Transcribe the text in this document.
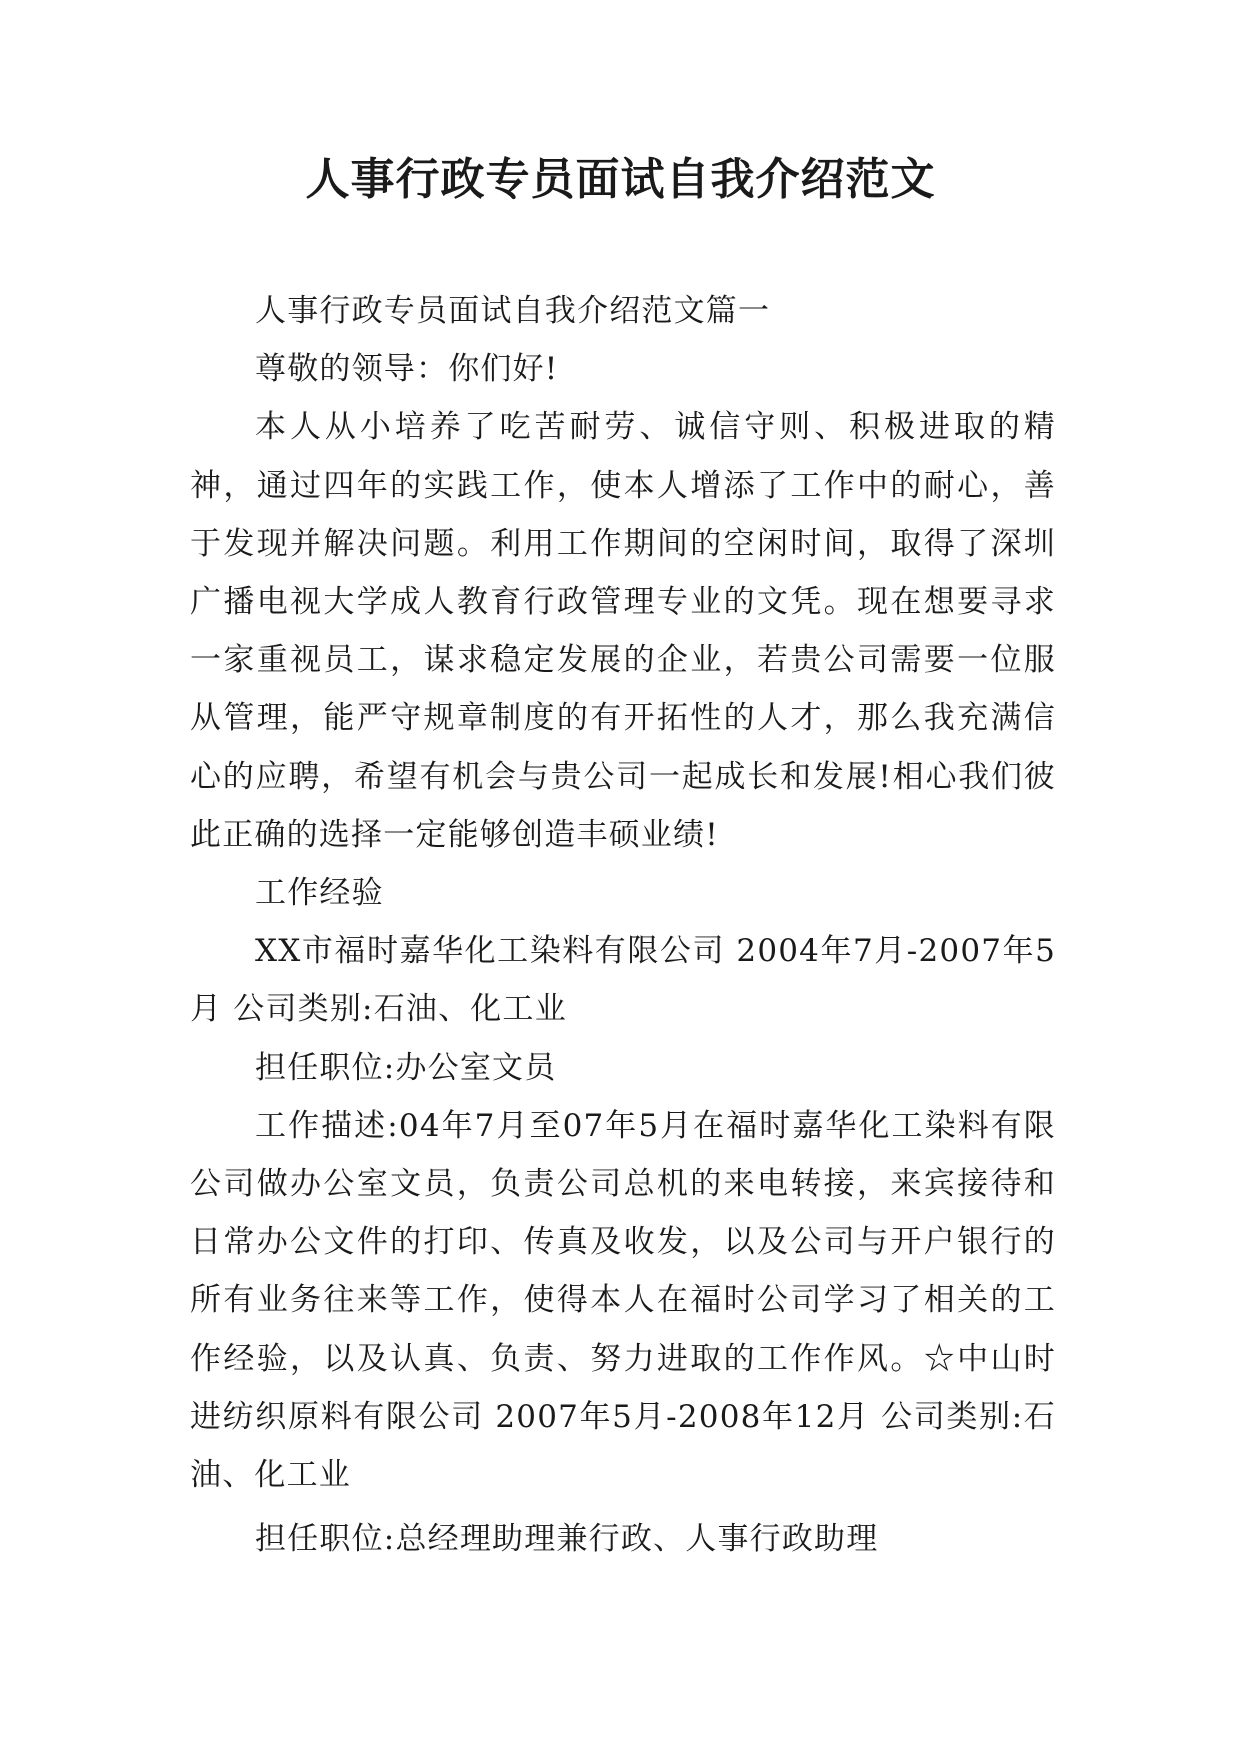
人事行政专员面试自我介绍范文

人事行政专员面试自我介绍范文篇一

尊敬的领导：你们好!

本人从小培养了吃苦耐劳、诚信守则、积极进取的精神，通过四年的实践工作，使本人增添了工作中的耐心，善于发现并解决问题。利用工作期间的空闲时间，取得了深圳广播电视大学成人教育行政管理专业的文凭。现在想要寻求一家重视员工，谋求稳定发展的企业，若贵公司需要一位服从管理，能严守规章制度的有开拓性的人才，那么我充满信心的应聘，希望有机会与贵公司一起成长和发展!相心我们彼此正确的选择一定能够创造丰硕业绩!

工作经验

XX市福时嘉华化工染料有限公司 2004年7月-2007年5月 公司类别:石油、化工业

担任职位:办公室文员

工作描述:04年7月至07年5月在福时嘉华化工染料有限公司做办公室文员，负责公司总机的来电转接，来宾接待和日常办公文件的打印、传真及收发，以及公司与开户银行的所有业务往来等工作，使得本人在福时公司学习了相关的工作经验，以及认真、负责、努力进取的工作作风。☆中山时进纺织原料有限公司 2007年5月-2008年12月 公司类别:石油、化工业

担任职位:总经理助理兼行政、人事行政助理
